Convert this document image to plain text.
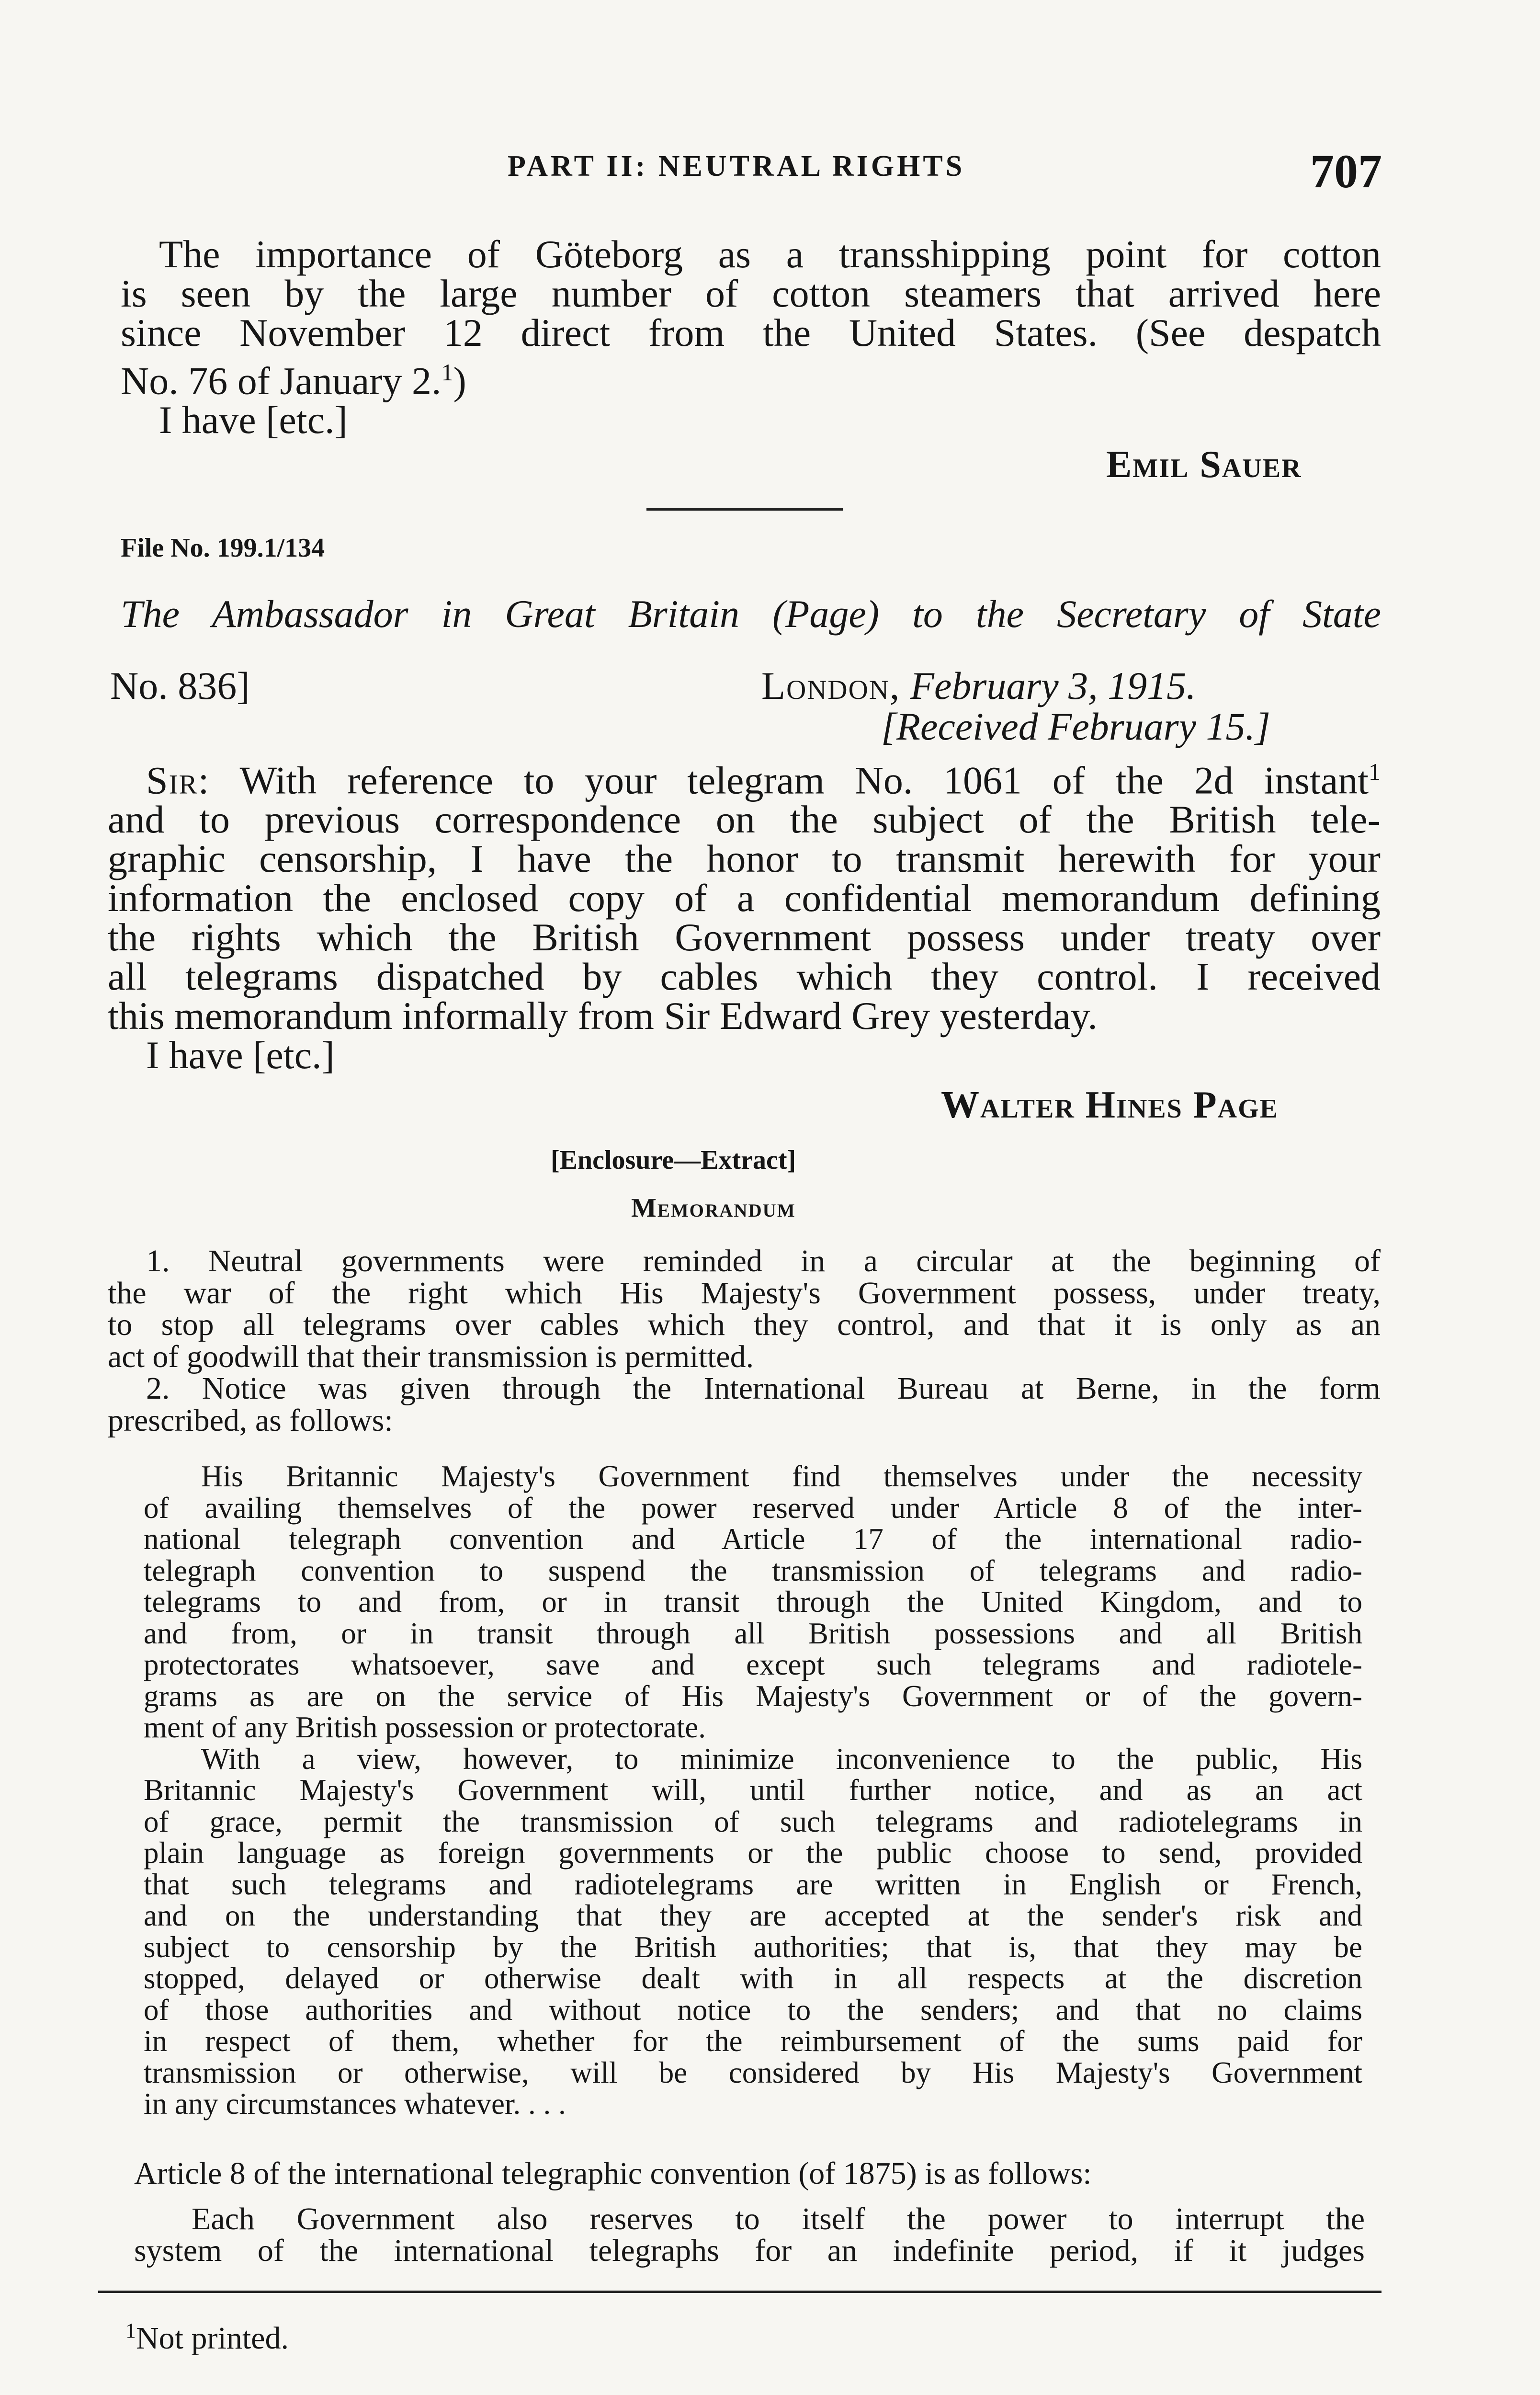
PART II: NEUTRAL RIGHTS	707
The importance of Göteborg as a transshipping point for cotton
is seen by the large number of cotton steamers that arrived here
since November 12 direct from the United States. (See despatch
No. 76 of January 2.$^1$)
I have [etc.]
Emil Sauer
File No. 199.1/134
The Ambassador in Great Britain (Page) to the Secretary of State
No. 836]	London, February 3, 1915.
[Received February 15.]
Sir: With reference to your telegram No. 1061 of the 2d instant$^1$
and to previous correspondence on the subject of the British tele-
graphic censorship, I have the honor to transmit herewith for your
information the enclosed copy of a confidential memorandum defining
the rights which the British Government possess under treaty over
all telegrams dispatched by cables which they control. I received
this memorandum informally from Sir Edward Grey yesterday.
I have [etc.]
Walter Hines Page
[Enclosure—Extract]
Memorandum
1. Neutral governments were reminded in a circular at the beginning of
the war of the right which His Majesty's Government possess, under treaty,
to stop all telegrams over cables which they control, and that it is only as an
act of goodwill that their transmission is permitted.
2. Notice was given through the International Bureau at Berne, in the form
prescribed, as follows:
His Britannic Majesty's Government find themselves under the necessity
of availing themselves of the power reserved under Article 8 of the inter-
national telegraph convention and Article 17 of the international radio-
telegraph convention to suspend the transmission of telegrams and radio-
telegrams to and from, or in transit through the United Kingdom, and to
and from, or in transit through all British possessions and all British
protectorates whatsoever, save and except such telegrams and radiotele-
grams as are on the service of His Majesty's Government or of the govern-
ment of any British possession or protectorate.
With a view, however, to minimize inconvenience to the public, His
Britannic Majesty's Government will, until further notice, and as an act
of grace, permit the transmission of such telegrams and radiotelegrams in
plain language as foreign governments or the public choose to send, provided
that such telegrams and radiotelegrams are written in English or French,
and on the understanding that they are accepted at the sender's risk and
subject to censorship by the British authorities; that is, that they may be
stopped, delayed or otherwise dealt with in all respects at the discretion
of those authorities and without notice to the senders; and that no claims
in respect of them, whether for the reimbursement of the sums paid for
transmission or otherwise, will be considered by His Majesty's Government
in any circumstances whatever. . . .
Article 8 of the international telegraphic convention (of 1875) is as follows:
Each Government also reserves to itself the power to interrupt the
system of the international telegraphs for an indefinite period, if it judges
$^1$Not printed.
